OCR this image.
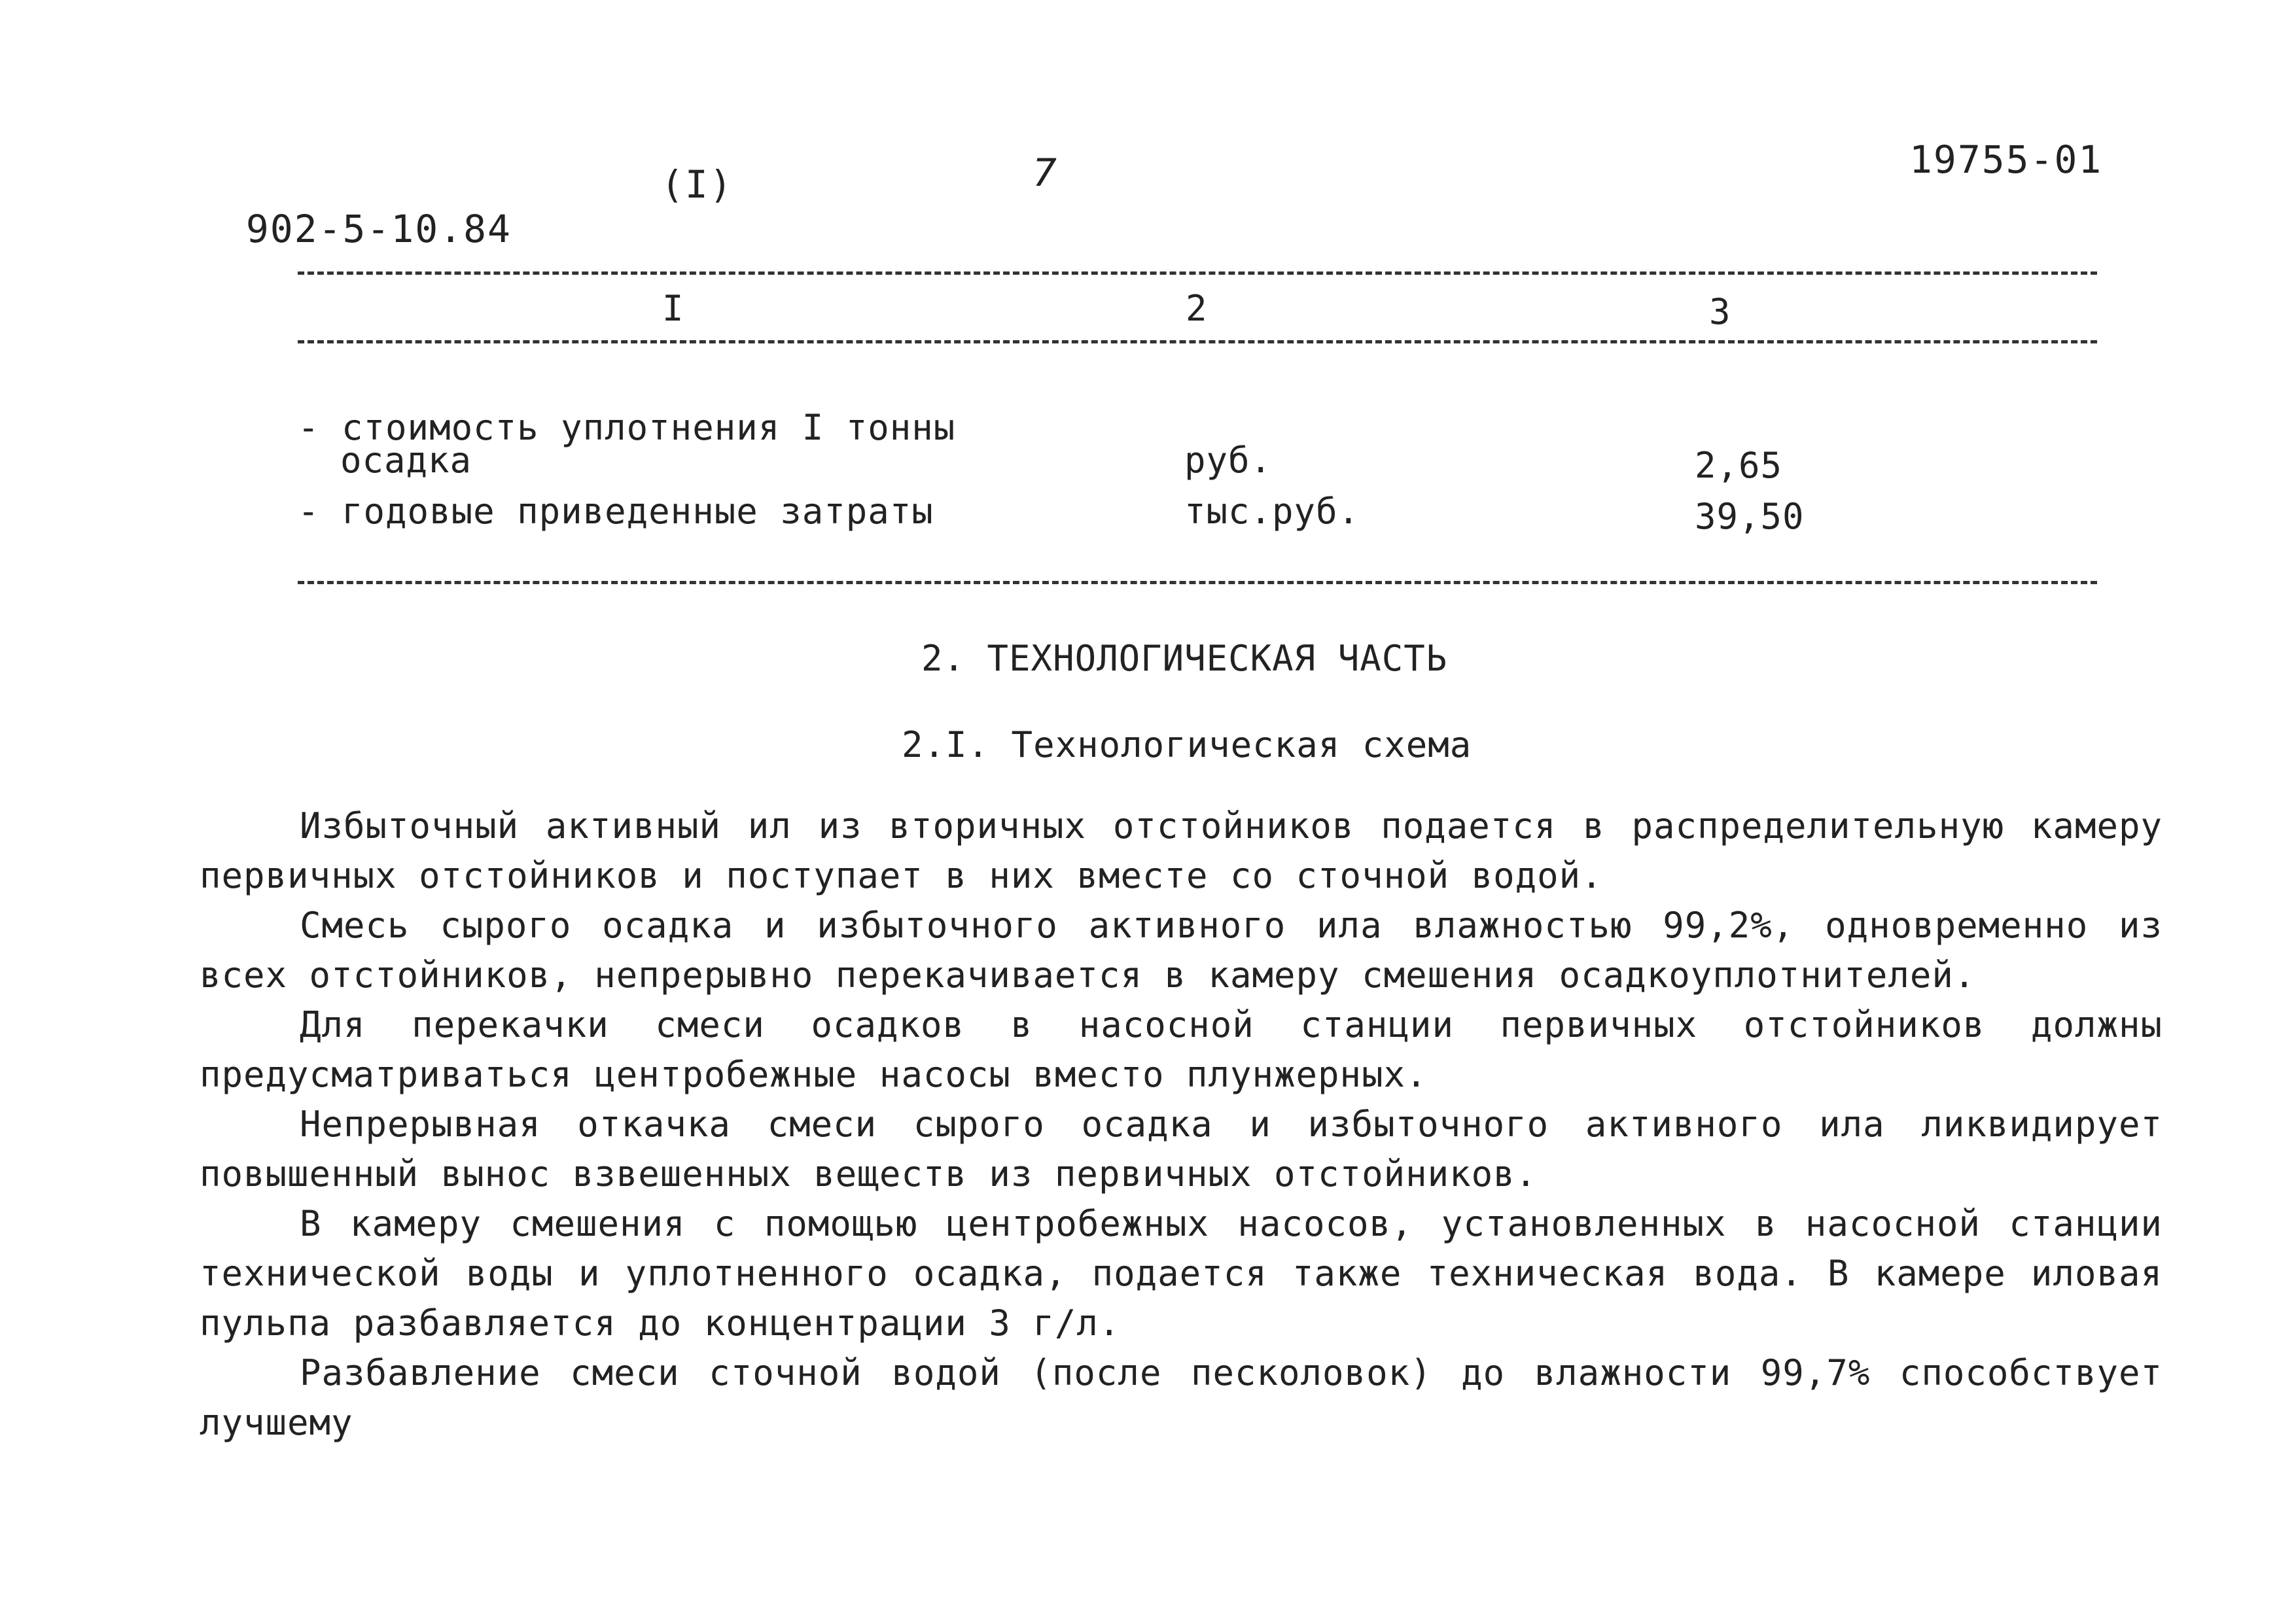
902-5-10.84

(I)	7	19755-01
I	2	3
- стоимость уплотнения I тонны
осадка	руб.	2,65
- годовые приведенные затраты	тыс.руб.	39,50
2. ТЕХНОЛОГИЧЕСКАЯ ЧАСТЬ
2.I. Технологическая схема

Избыточный активный ил из вторичных отстойников подается в распределительную камеру первичных отстойников и поступает в них вместе со сточной водой.

Смесь сырого осадка и избыточного активного ила влажностью 99,2%, одновременно из всех отстойников, непрерывно перекачивается в камеру смешения осадкоуплотнителей.

Для перекачки смеси осадков в насосной станции первичных отстойников должны предусматриваться центробежные насосы вместо плунжерных.

Непрерывная откачка смеси сырого осадка и избыточного активного ила ликвидирует повышенный вынос взвешенных веществ из первичных отстойников.

В камеру смешения с помощью центробежных насосов, установленных в насосной станции технической воды и уплотненного осадка, подается также техническая вода. В камере иловая пульпа разбавляется до концентрации 3 г/л.

Разбавление смеси сточной водой (после песколовок) до влажности 99,7% способствует лучшему
